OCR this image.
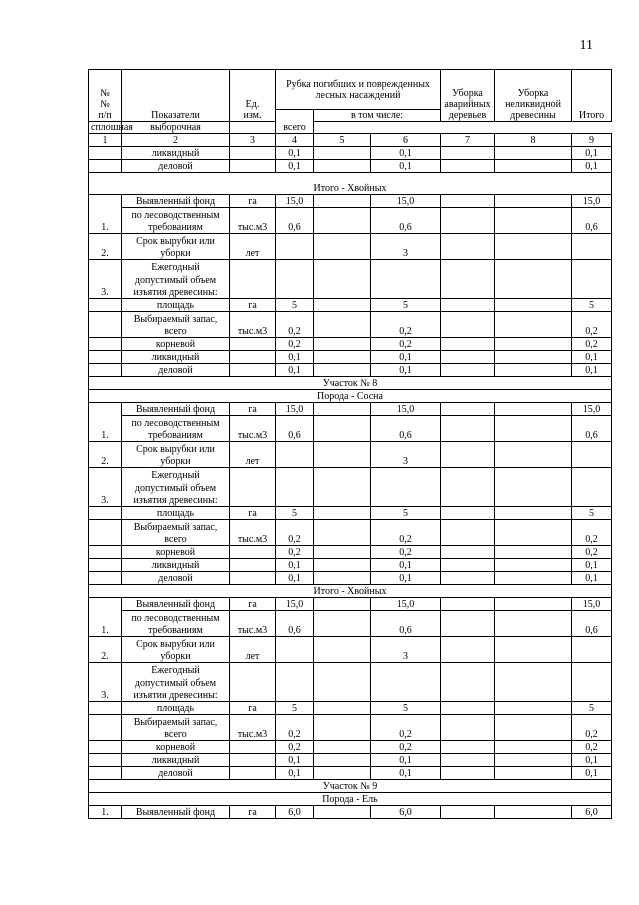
11
№
№
п/п	Показатели	Ед.
изм.	Рубка погибших и поврежденных лесных насаждений			Уборка аварийных деревьев	Уборка неликвидной древесины	Итого
			всего	в том числе:				
сплошная	выборочная							
1	2	3	4	5	6	7	8	9
	ликвидный		0,1		0,1			0,1
	деловой		0,1		0,1			0,1
Итого - Хвойных								
1.	Выявленный фонд	га	15,0		15,0			15,0
	по лесоводственным	тыс.м3	0,6		0,6			0,6
	требованиям							
2.	Срок вырубки или	лет			3			
	уборки							
3.	Ежегодный							
	допустимый объем							
	изъятия древесины:							
	площадь	га	5		5			5
	Выбираемый запас,	тыс.м3	0,2		0,2			0,2
	всего							
	корневой		0,2		0,2			0,2
	ликвидный		0,1		0,1			0,1
	деловой		0,1		0,1			0,1
Участок № 8								
Порода - Сосна								
1.	Выявленный фонд	га	15,0		15,0			15,0
	по лесоводственным	тыс.м3	0,6		0,6			0,6
	требованиям							
2.	Срок вырубки или	лет			3			
	уборки							
3.	Ежегодный							
	допустимый объем							
	изъятия древесины:							
	площадь	га	5		5			5
	Выбираемый запас,	тыс.м3	0,2		0,2			0,2
	всего							
	корневой		0,2		0,2			0,2
	ликвидный		0,1		0,1			0,1
	деловой		0,1		0,1			0,1
Итого - Хвойных								
1.	Выявленный фонд	га	15,0		15,0			15,0
	по лесоводственным	тыс.м3	0,6		0,6			0,6
	требованиям							
2.	Срок вырубки или	лет			3			
	уборки							
3.	Ежегодный							
	допустимый объем							
	изъятия древесины:							
	площадь	га	5		5			5
	Выбираемый запас,	тыс.м3	0,2		0,2			0,2
	всего							
	корневой		0,2		0,2			0,2
	ликвидный		0,1		0,1			0,1
	деловой		0,1		0,1			0,1
Участок № 9								
Порода - Ель								
1.	Выявленный фонд	га	6,0		6,0			6,0
